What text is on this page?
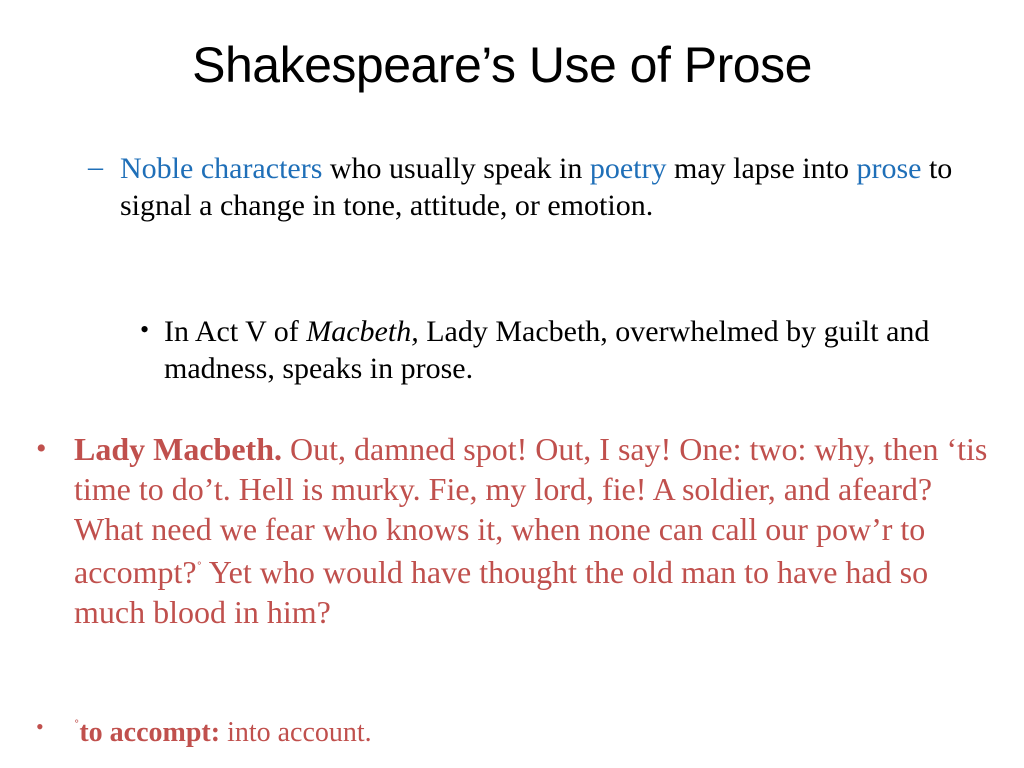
Shakespeare’s Use of Prose
– Noble characters who usually speak in poetry may lapse into prose to signal a change in tone, attitude, or emotion.
• In Act V of Macbeth, Lady Macbeth, overwhelmed by guilt and madness, speaks in prose.
• Lady Macbeth. Out, damned spot! Out, I say! One: two: why, then ‘tis time to do’t. Hell is murky. Fie, my lord, fie! A soldier, and afeard? What need we fear who knows it, when none can call our pow’r to accompt?˚ Yet who would have thought the old man to have had so much blood in him?
• ˚to accompt: into account.
